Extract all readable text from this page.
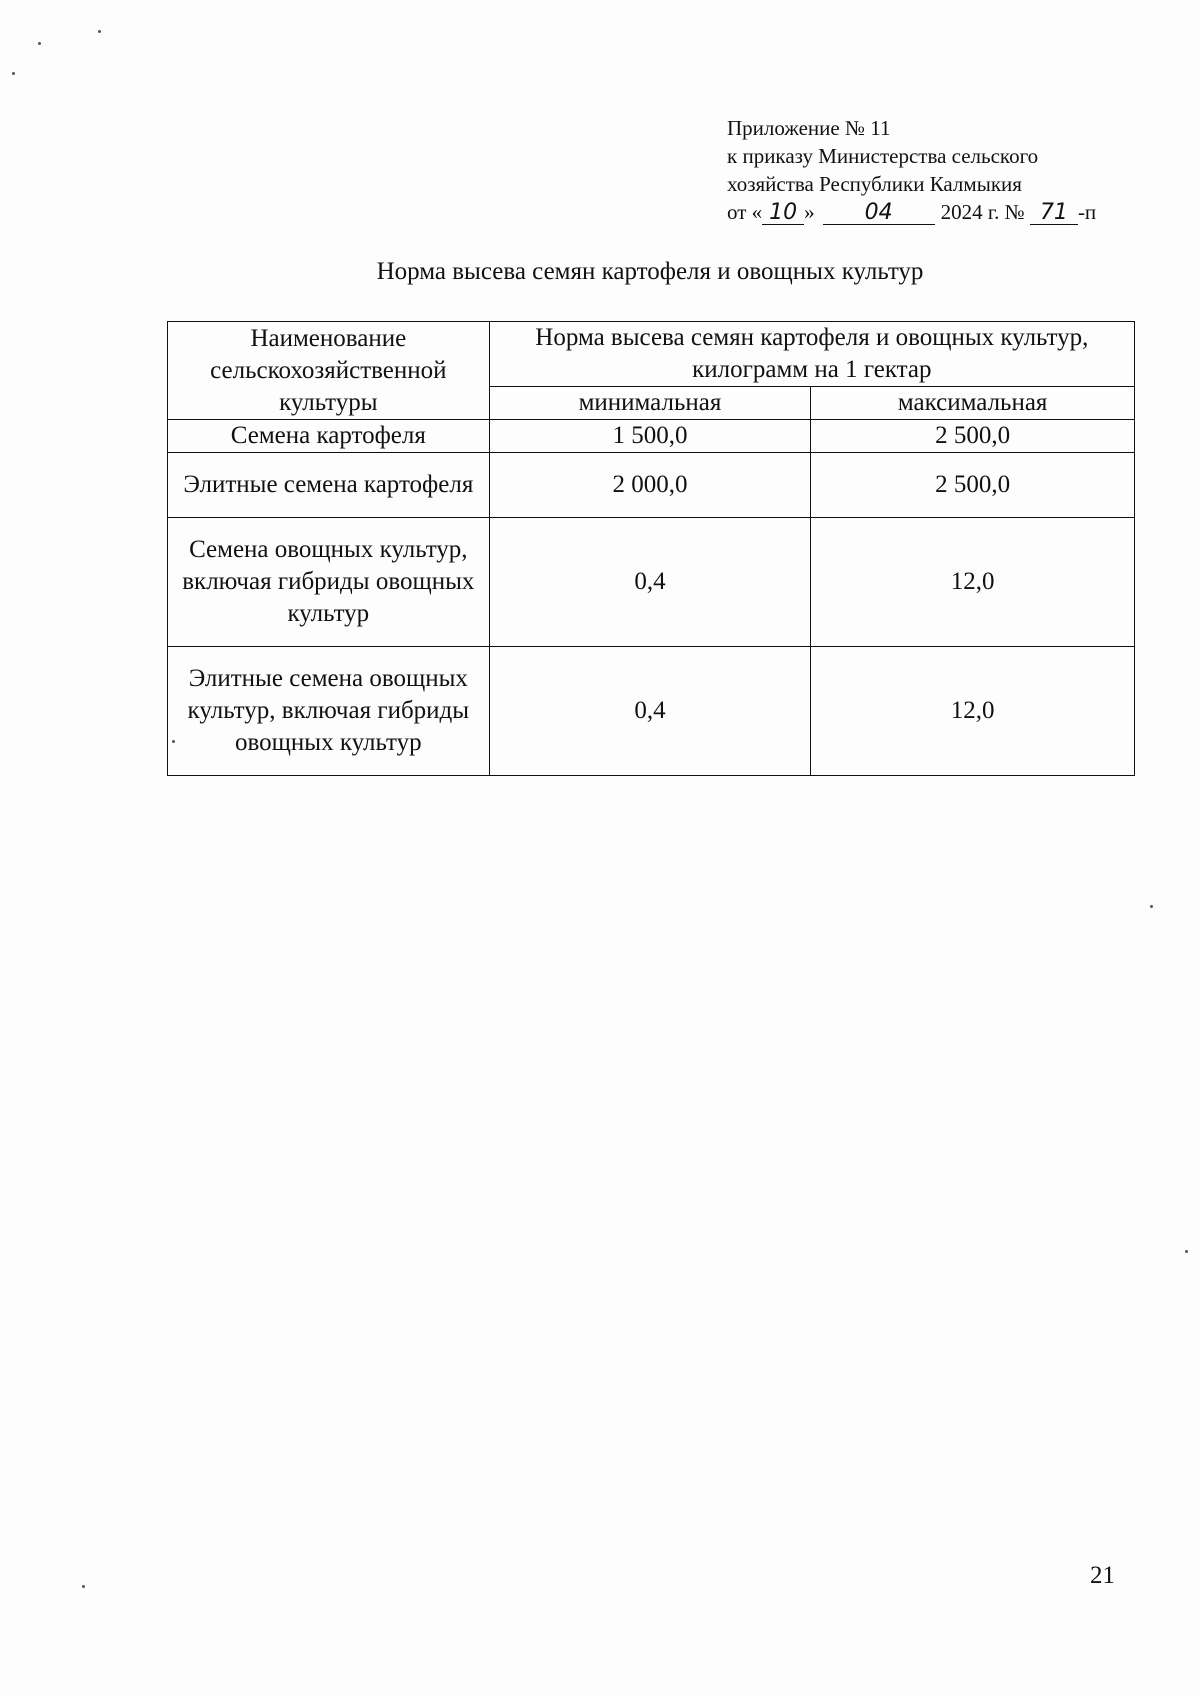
Приложение № 11
к приказу Министерства сельского
хозяйства Республики Калмыкия
от « 10 » 04 2024 г. № 71 -п
Норма высева семян картофеля и овощных культур
Наименование сельскохозяйственной культуры	Норма высева семян картофеля и овощных культур, килограмм на 1 гектар	
	минимальная	максимальная
Семена картофеля	1 500,0	2 500,0
Элитные семена картофеля	2 000,0	2 500,0
Семена овощных культур, включая гибриды овощных культур	0,4	12,0
Элитные семена овощных культур, включая гибриды овощных культур	0,4	12,0
21
